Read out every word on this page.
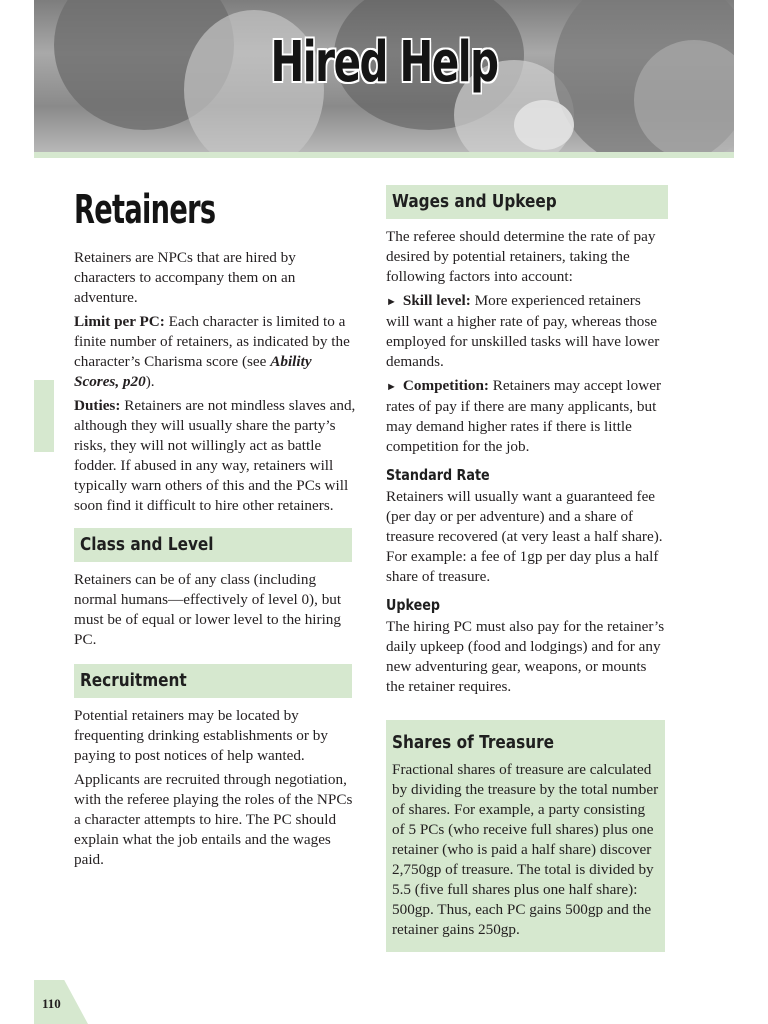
Hired Help
Retainers

Retainers are NPCs that are hired by characters to accompany them on an adventure.

Limit per PC: Each character is limited to a finite number of retainers, as indicated by the character’s Charisma score (see Ability Scores, p20).

Duties: Retainers are not mindless slaves and, although they will usually share the party’s risks, they will not willingly act as battle fodder. If abused in any way, retainers will typically warn others of this and the PCs will soon find it difficult to hire other retainers.

Class and Level

Retainers can be of any class (including normal humans—effectively of level 0), but must be of equal or lower level to the hiring PC.

Recruitment

Potential retainers may be located by frequenting drinking establishments or by paying to post notices of help wanted.

Applicants are recruited through negotiation, with the referee playing the roles of the NPCs a character attempts to hire. The PC should explain what the job entails and the wages paid.

Wages and Upkeep

The referee should determine the rate of pay desired by potential retainers, taking the following factors into account:

► Skill level: More experienced retainers will want a higher rate of pay, whereas those employed for unskilled tasks will have lower demands.

► Competition: Retainers may accept lower rates of pay if there are many applicants, but may demand higher rates if there is little competition for the job.

Standard Rate

Retainers will usually want a guaranteed fee (per day or per adventure) and a share of treasure recovered (at very least a half share). For example: a fee of 1gp per day plus a half share of treasure.

Upkeep

The hiring PC must also pay for the retainer’s daily upkeep (food and lodgings) and for any new adventuring gear, weapons, or mounts the retainer requires.

Shares of Treasure

Fractional shares of treasure are calculated by dividing the treasure by the total number of shares. For example, a party consisting of 5 PCs (who receive full shares) plus one retainer (who is paid a half share) discover 2,750gp of treasure. The total is divided by 5.5 (five full shares plus one half share): 500gp. Thus, each PC gains 500gp and the retainer gains 250gp.

110
